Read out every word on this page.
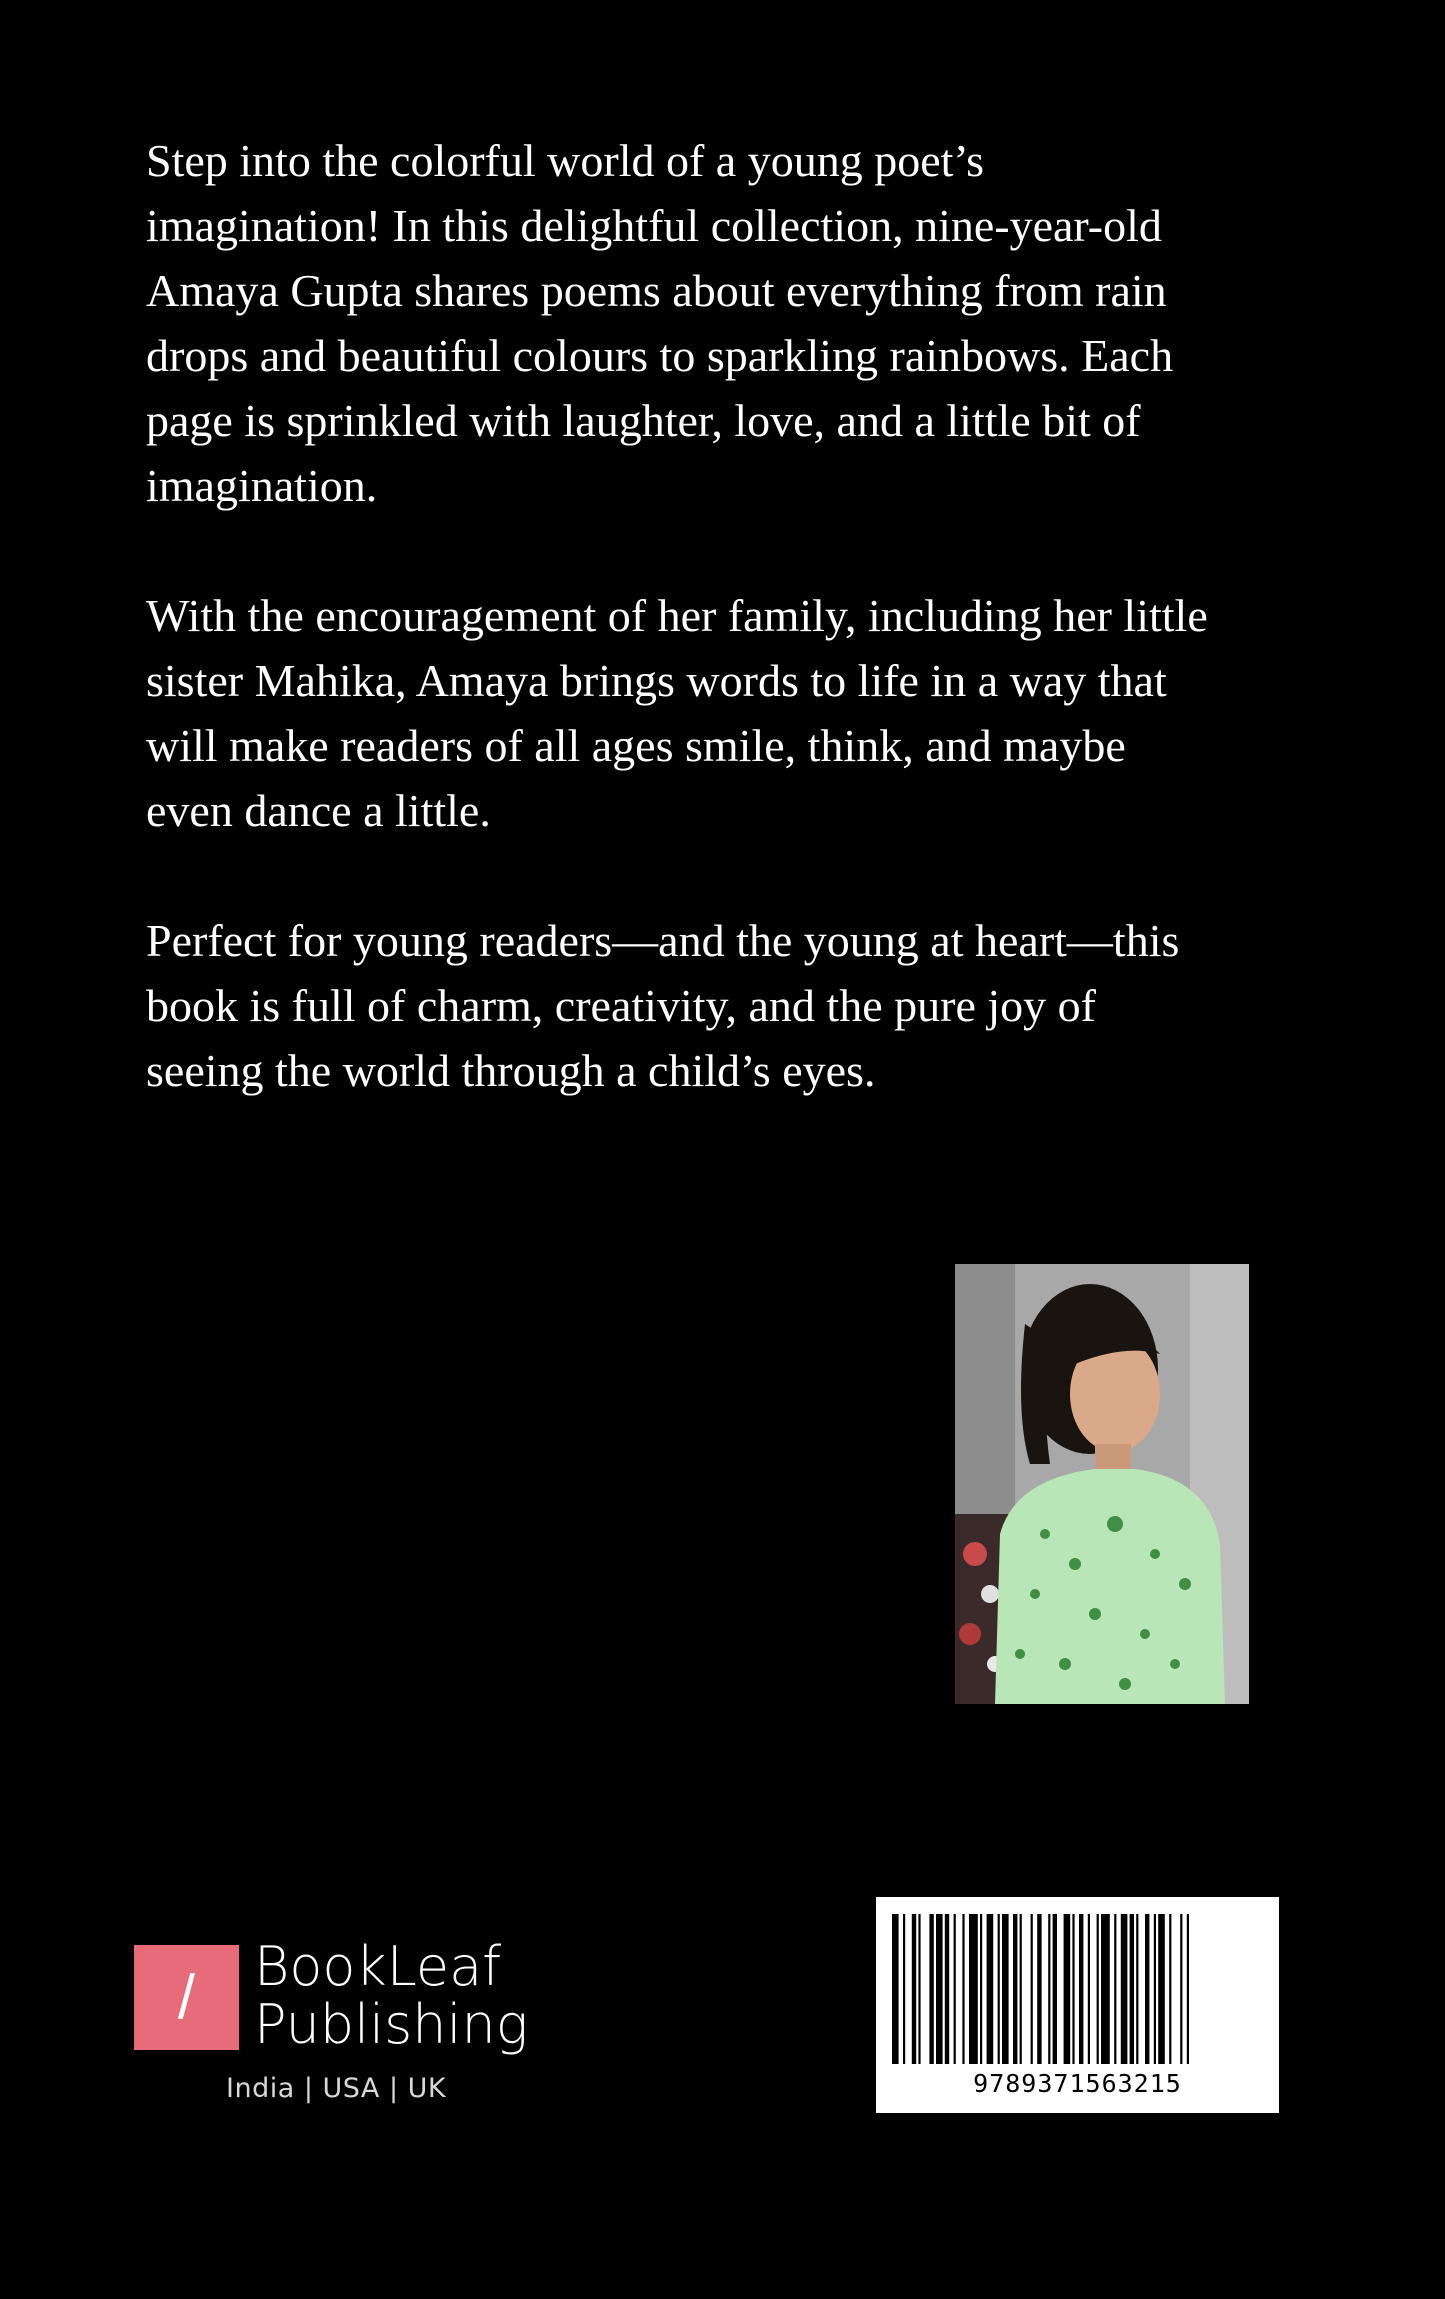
Step into the colorful world of a young poet’s
imagination! In this delightful collection, nine-year-old
Amaya Gupta shares poems about everything from rain
drops and beautiful colours to sparkling rainbows. Each
page is sprinkled with laughter, love, and a little bit of
imagination.

With the encouragement of her family, including her little
sister Mahika, Amaya brings words to life in a way that
will make readers of all ages smile, think, and maybe
even dance a little.

Perfect for young readers—and the young at heart—this
book is full of charm, creativity, and the pure joy of
seeing the world through a child’s eyes.

/	BookLeaf
Publishing
India | USA | UK	9789371563215
